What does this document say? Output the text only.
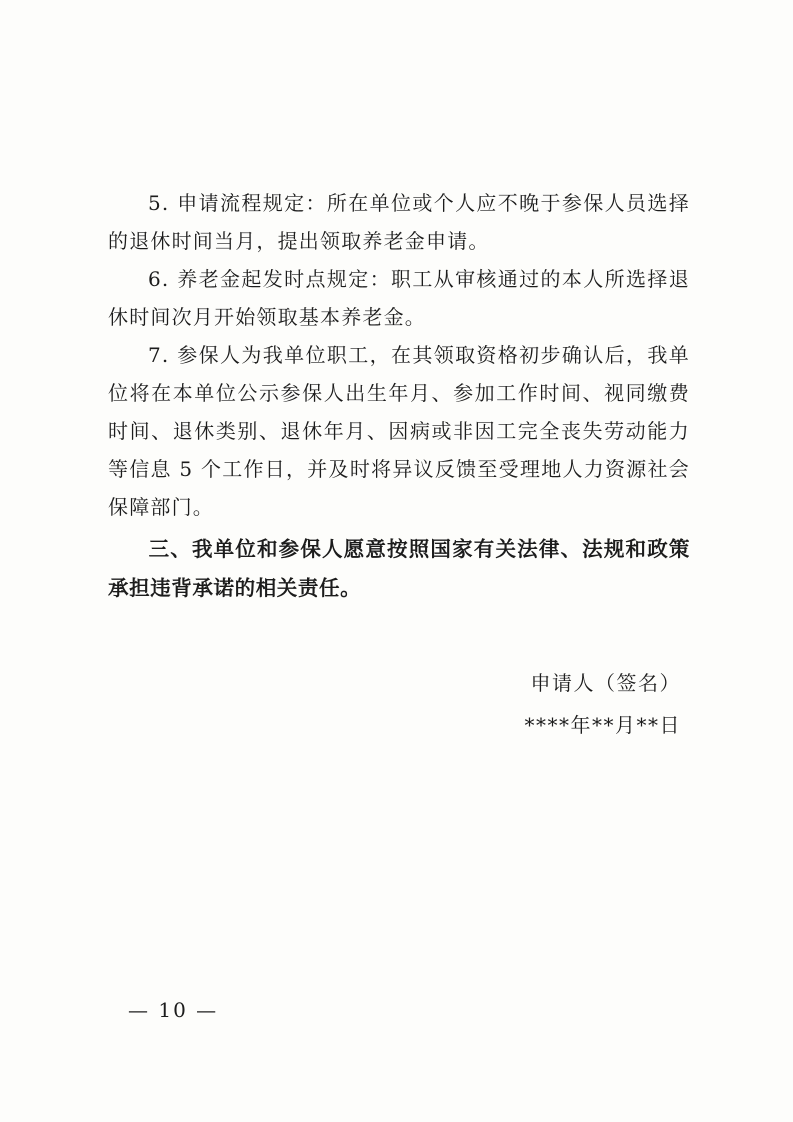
5. 申请流程规定：所在单位或个人应不晚于参保人员选择的退休时间当月，提出领取养老金申请。

6. 养老金起发时点规定：职工从审核通过的本人所选择退休时间次月开始领取基本养老金。

7. 参保人为我单位职工，在其领取资格初步确认后，我单位将在本单位公示参保人出生年月、参加工作时间、视同缴费时间、退休类别、退休年月、因病或非因工完全丧失劳动能力等信息 5 个工作日，并及时将异议反馈至受理地人力资源社会保障部门。

三、我单位和参保人愿意按照国家有关法律、法规和政策承担违背承诺的相关责任。

申请人（签名）
****年**月**日
— 10 —
